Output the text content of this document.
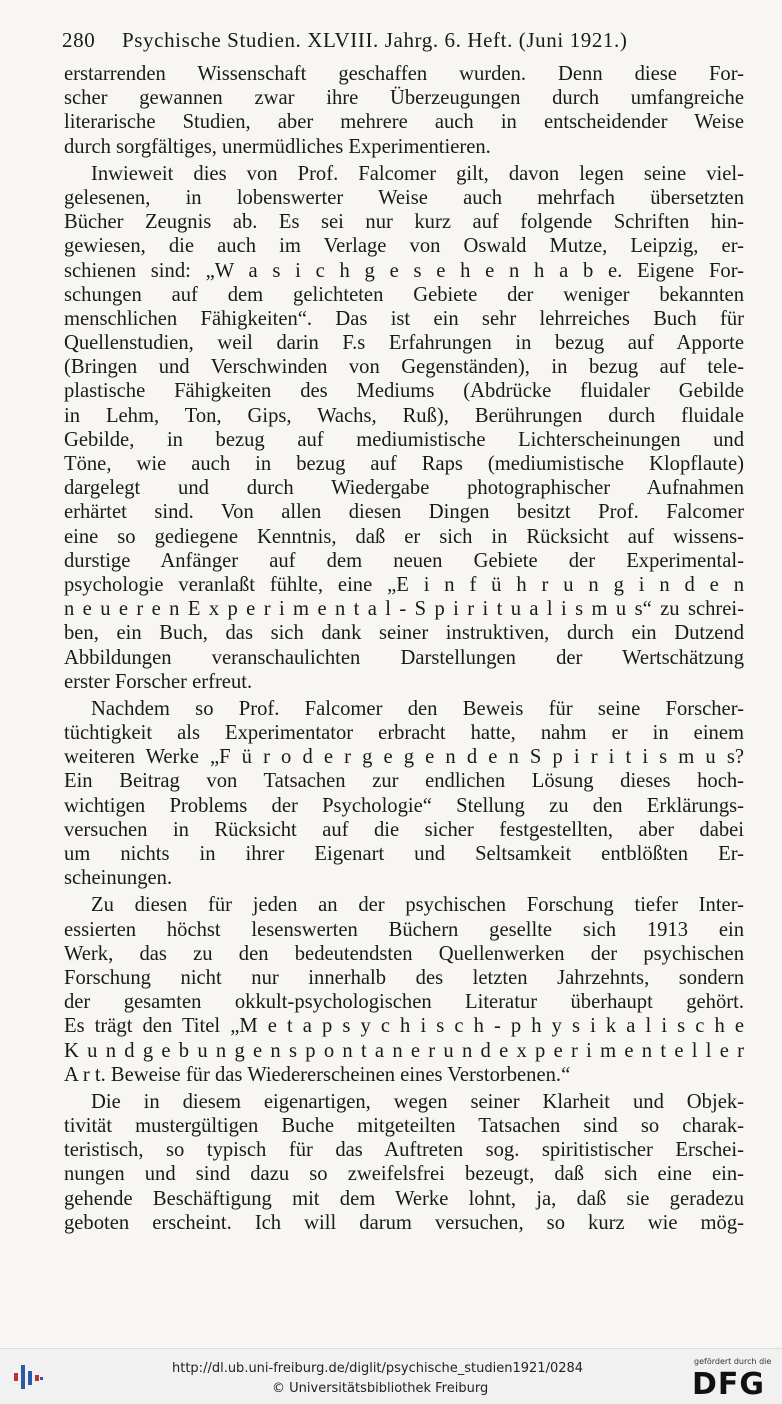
280 Psychische Studien. XLVIII. Jahrg. 6. Heft. (Juni 1921.)
erstarrenden Wissenschaft geschaffen wurden. Denn diese For-
scher gewannen zwar ihre Überzeugungen durch umfangreiche
literarische Studien, aber mehrere auch in entscheidender Weise
durch sorgfältiges, unermüdliches Experimentieren.
Inwieweit dies von Prof. Falcomer gilt, davon legen seine viel-
gelesenen, in lobenswerter Weise auch mehrfach übersetzten
Bücher Zeugnis ab. Es sei nur kurz auf folgende Schriften hin-
gewiesen, die auch im Verlage von Oswald Mutze, Leipzig, er-
schienen sind: „W a s i c h g e s e h e n h a b e. Eigene For-
schungen auf dem gelichteten Gebiete der weniger bekannten
menschlichen Fähigkeiten“. Das ist ein sehr lehrreiches Buch für
Quellenstudien, weil darin F.s Erfahrungen in bezug auf Apporte
(Bringen und Verschwinden von Gegenständen), in bezug auf tele-
plastische Fähigkeiten des Mediums (Abdrücke fluidaler Gebilde
in Lehm, Ton, Gips, Wachs, Ruß), Berührungen durch fluidale
Gebilde, in bezug auf mediumistische Lichterscheinungen und
Töne, wie auch in bezug auf Raps (mediumistische Klopflaute)
dargelegt und durch Wiedergabe photographischer Aufnahmen
erhärtet sind. Von allen diesen Dingen besitzt Prof. Falcomer
eine so gediegene Kenntnis, daß er sich in Rücksicht auf wissens-
durstige Anfänger auf dem neuen Gebiete der Experimental-
psychologie veranlaßt fühlte, eine „E i n f ü h r u n g i n d e n
n e u e r e n E x p e r i m e n t a l - S p i r i t u a l i s m u s“ zu schrei-
ben, ein Buch, das sich dank seiner instruktiven, durch ein Dutzend
Abbildungen veranschaulichten Darstellungen der Wertschätzung
erster Forscher erfreut.
Nachdem so Prof. Falcomer den Beweis für seine Forscher-
tüchtigkeit als Experimentator erbracht hatte, nahm er in einem
weiteren Werke „F ü r o d e r g e g e n d e n S p i r i t i s m u s?
Ein Beitrag von Tatsachen zur endlichen Lösung dieses hoch-
wichtigen Problems der Psychologie“ Stellung zu den Erklärungs-
versuchen in Rücksicht auf die sicher festgestellten, aber dabei
um nichts in ihrer Eigenart und Seltsamkeit entblößten Er-
scheinungen.
Zu diesen für jeden an der psychischen Forschung tiefer Inter-
essierten höchst lesenswerten Büchern gesellte sich 1913 ein
Werk, das zu den bedeutendsten Quellenwerken der psychischen
Forschung nicht nur innerhalb des letzten Jahrzehnts, sondern
der gesamten okkult-psychologischen Literatur überhaupt gehört.
Es trägt den Titel „M e t a p s y c h i s c h - p h y s i k a l i s c h e
K u n d g e b u n g e n s p o n t a n e r u n d e x p e r i m e n t e l l e r
A r t. Beweise für das Wiedererscheinen eines Verstorbenen.“
Die in diesem eigenartigen, wegen seiner Klarheit und Objek-
tivität mustergültigen Buche mitgeteilten Tatsachen sind so charak-
teristisch, so typisch für das Auftreten sog. spiritistischer Erschei-
nungen und sind dazu so zweifelsfrei bezeugt, daß sich eine ein-
gehende Beschäftigung mit dem Werke lohnt, ja, daß sie geradezu
geboten erscheint. Ich will darum versuchen, so kurz wie mög-
http://dl.ub.uni-freiburg.de/diglit/psychische_studien1921/0284
© Universitätsbibliothek Freiburg
gefördert durch die
DFG
